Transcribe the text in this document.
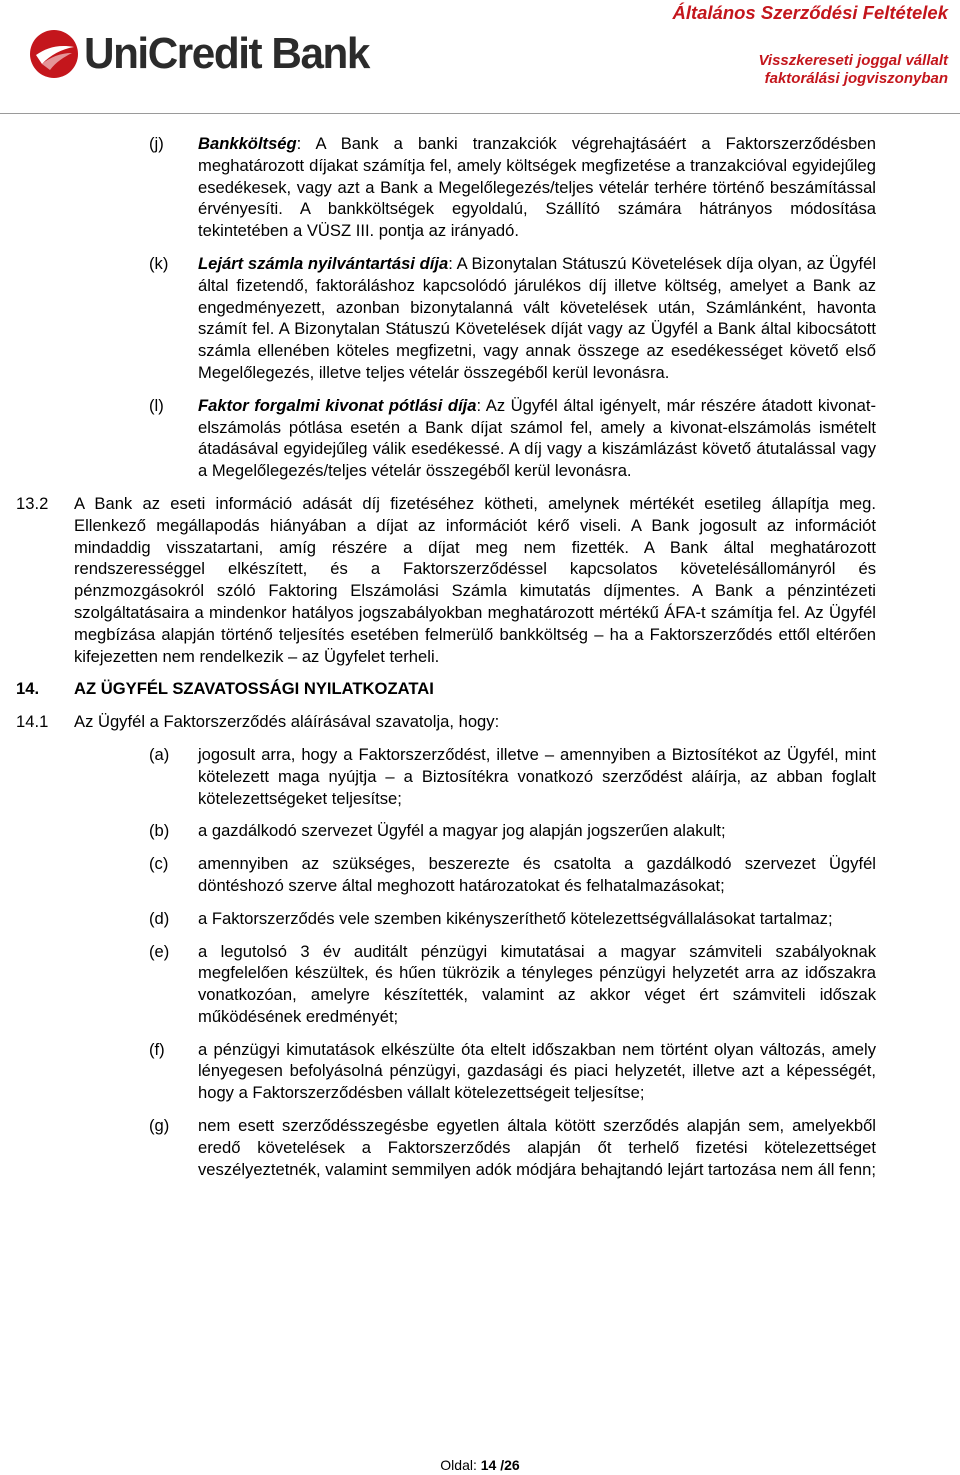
UniCredit Bank
Általános Szerződési Feltételek
Visszkereseti joggal vállalt
faktorálási jogviszonyban
(j) Bankköltség: A Bank a banki tranzakciók végrehajtásáért a Faktorszerződésben meghatározott díjakat számítja fel, amely költségek megfizetése a tranzakcióval egyidejűleg esedékesek, vagy azt a Bank a Megelőlegezés/teljes vételár terhére történő beszámítással érvényesíti. A bankköltségek egyoldalú, Szállító számára hátrányos módosítása tekintetében a VÜSZ III. pontja az irányadó.

(k) Lejárt számla nyilvántartási díja: A Bizonytalan Státuszú Követelések díja olyan, az Ügyfél által fizetendő, faktoráláshoz kapcsolódó járulékos díj illetve költség, amelyet a Bank az engedményezett, azonban bizonytalanná vált követelések után, Számlánként, havonta számít fel. A Bizonytalan Státuszú Követelések díját vagy az Ügyfél a Bank által kibocsátott számla ellenében köteles megfizetni, vagy annak összege az esedékességet követő első Megelőlegezés, illetve teljes vételár összegéből kerül levonásra.

(l) Faktor forgalmi kivonat pótlási díja: Az Ügyfél által igényelt, már részére átadott kivonat-elszámolás pótlása esetén a Bank díjat számol fel, amely a kivonat-elszámolás ismételt átadásával egyidejűleg válik esedékessé. A díj vagy a kiszámlázást követő átutalással vagy a Megelőlegezés/teljes vételár összegéből kerül levonásra.

13.2 A Bank az eseti információ adását díj fizetéséhez kötheti, amelynek mértékét esetileg állapítja meg. Ellenkező megállapodás hiányában a díjat az információt kérő viseli. A Bank jogosult az információt mindaddig visszatartani, amíg részére a díjat meg nem fizették. A Bank által meghatározott rendszerességgel elkészített, és a Faktorszerződéssel kapcsolatos követelésállományról és pénzmozgásokról szóló Faktoring Elszámolási Számla kimutatás díjmentes. A Bank a pénzintézeti szolgáltatásaira a mindenkor hatályos jogszabályokban meghatározott mértékű ÁFA-t számítja fel. Az Ügyfél megbízása alapján történő teljesítés esetében felmerülő bankköltség – ha a Faktorszerződés ettől eltérően kifejezetten nem rendelkezik – az Ügyfelet terheli.

14. AZ ÜGYFÉL SZAVATOSSÁGI NYILATKOZATAI

14.1 Az Ügyfél a Faktorszerződés aláírásával szavatolja, hogy:

(a) jogosult arra, hogy a Faktorszerződést, illetve – amennyiben a Biztosítékot az Ügyfél, mint kötelezett maga nyújtja – a Biztosítékra vonatkozó szerződést aláírja, az abban foglalt kötelezettségeket teljesítse;

(b) a gazdálkodó szervezet Ügyfél a magyar jog alapján jogszerűen alakult;

(c) amennyiben az szükséges, beszerezte és csatolta a gazdálkodó szervezet Ügyfél döntéshozó szerve által meghozott határozatokat és felhatalmazásokat;

(d) a Faktorszerződés vele szemben kikényszeríthető kötelezettségvállalásokat tartalmaz;

(e) a legutolsó 3 év auditált pénzügyi kimutatásai a magyar számviteli szabályoknak megfelelően készültek, és hűen tükrözik a tényleges pénzügyi helyzetét arra az időszakra vonatkozóan, amelyre készítették, valamint az akkor véget ért számviteli időszak működésének eredményét;

(f) a pénzügyi kimutatások elkészülte óta eltelt időszakban nem történt olyan változás, amely lényegesen befolyásolná pénzügyi, gazdasági és piaci helyzetét, illetve azt a képességét, hogy a Faktorszerződésben vállalt kötelezettségeit teljesítse;

(g) nem esett szerződésszegésbe egyetlen általa kötött szerződés alapján sem, amelyekből eredő követelések a Faktorszerződés alapján őt terhelő fizetési kötelezettséget veszélyeztetnék, valamint semmilyen adók módjára behajtandó lejárt tartozása nem áll fenn;

Oldal: 14 /26
